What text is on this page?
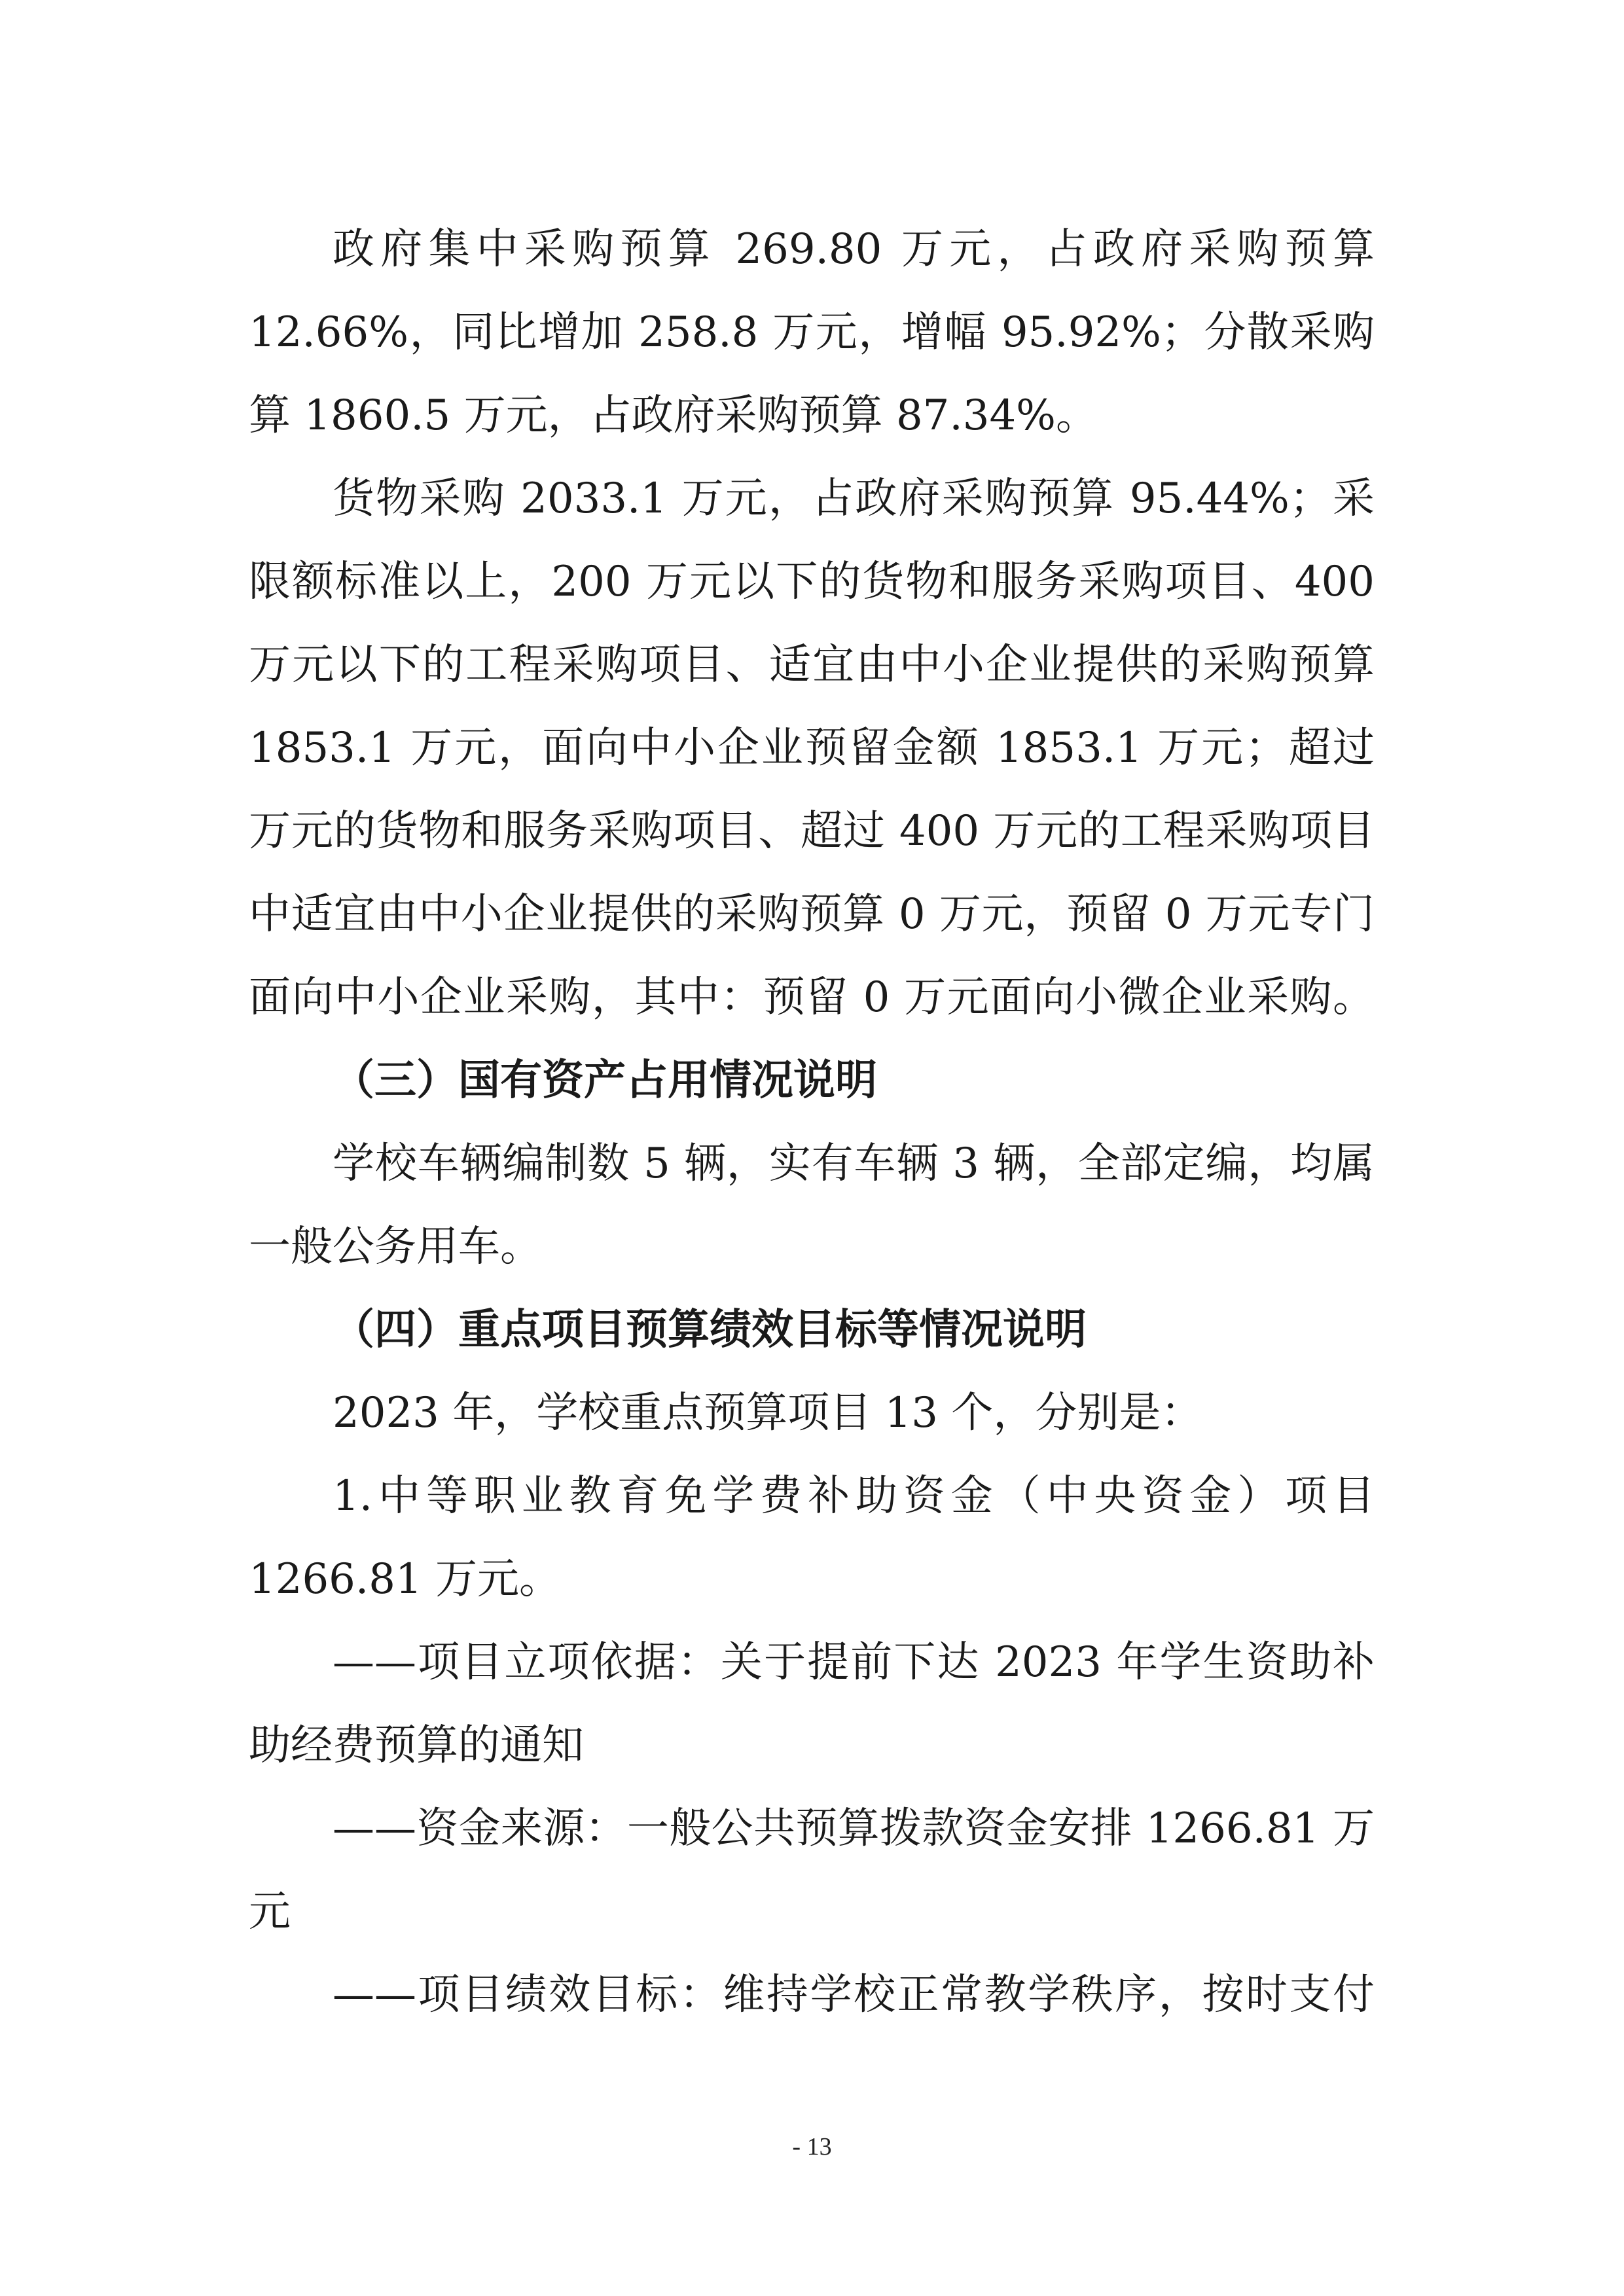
政府集中采购预算 269.80 万元，占政府采购预算
12.66%，同比增加 258.8 万元，增幅 95.92%；分散采购
算 1860.5 万元，占政府采购预算 87.34%。
货物采购 2033.1 万元，占政府采购预算 95.44%；采
限额标准以上，200 万元以下的货物和服务采购项目、400
万元以下的工程采购项目、适宜由中小企业提供的采购预算
1853.1 万元，面向中小企业预留金额 1853.1 万元；超过
万元的货物和服务采购项目、超过 400 万元的工程采购项目
中适宜由中小企业提供的采购预算 0 万元，预留 0 万元专门
面向中小企业采购，其中：预留 0 万元面向小微企业采购。
（三）国有资产占用情况说明
学校车辆编制数 5 辆，实有车辆 3 辆，全部定编，均属
一般公务用车。
（四）重点项目预算绩效目标等情况说明
2023 年，学校重点预算项目 13 个，分别是：
1.中等职业教育免学费补助资金（中央资金）项目
1266.81 万元。
——项目立项依据：关于提前下达 2023 年学生资助补
助经费预算的通知
——资金来源：一般公共预算拨款资金安排 1266.81 万
元
——项目绩效目标：维持学校正常教学秩序，按时支付
- 13
